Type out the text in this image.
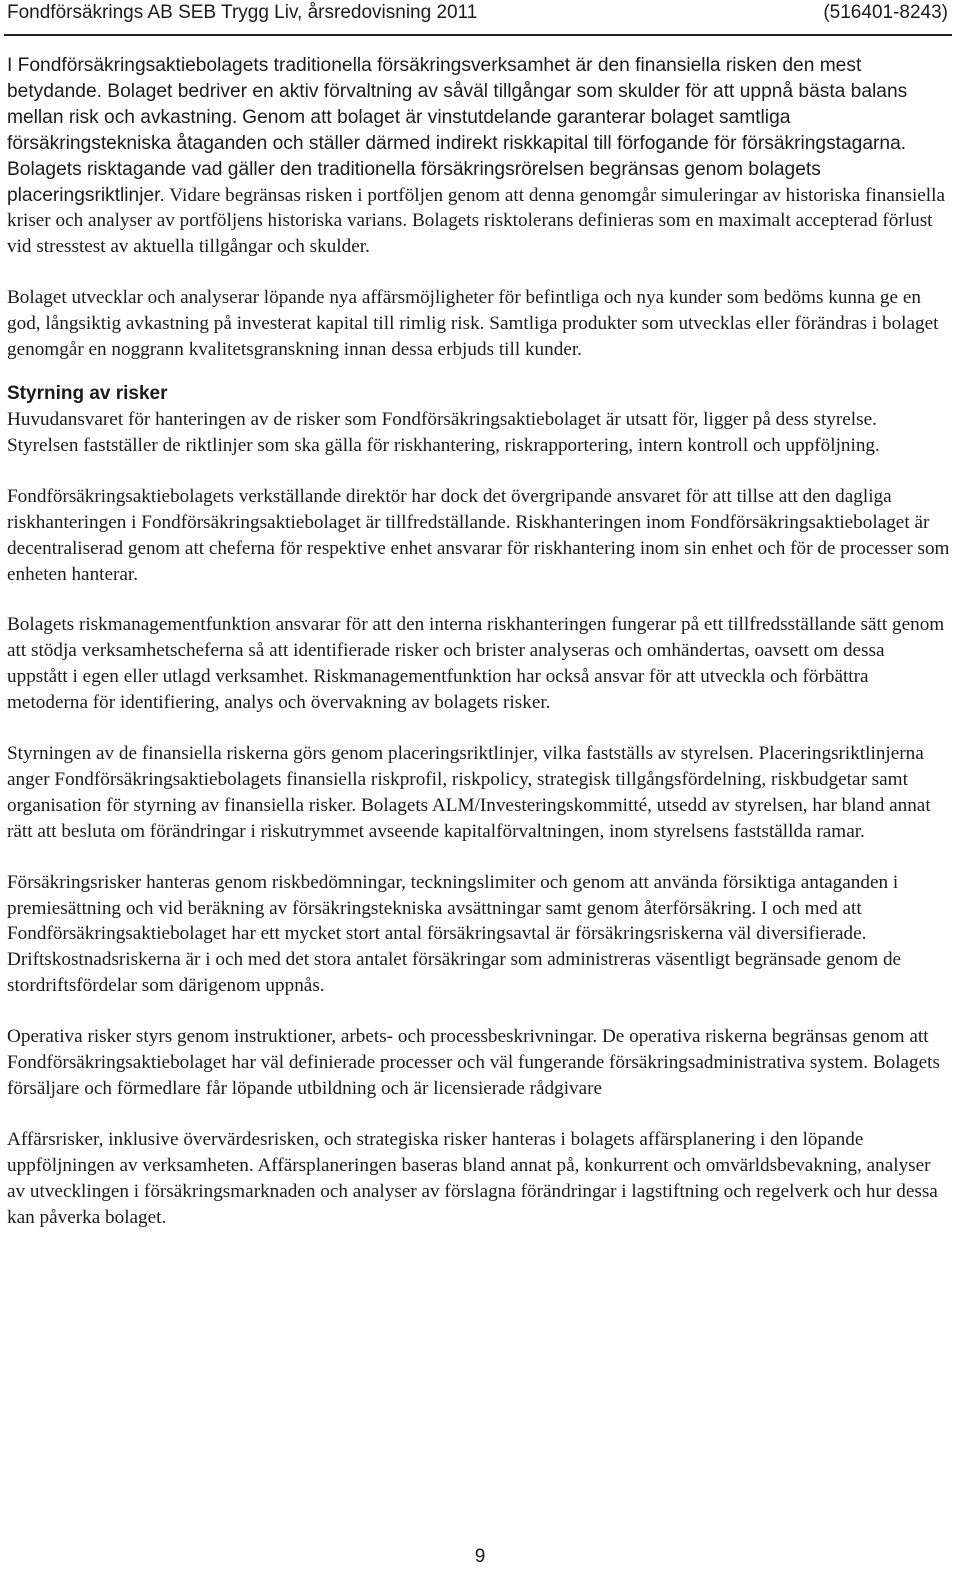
Fondförsäkrings AB SEB Trygg Liv, årsredovisning 2011	(516401-8243)

I Fondförsäkringsaktiebolagets traditionella försäkringsverksamhet är den finansiella risken den mest betydande. Bolaget bedriver en aktiv förvaltning av såväl tillgångar som skulder för att uppnå bästa balans mellan risk och avkastning. Genom att bolaget är vinstutdelande garanterar bolaget samtliga försäkringstekniska åtaganden och ställer därmed indirekt riskkapital till förfogande för försäkringstagarna. Bolagets risktagande vad gäller den traditionella försäkringsrörelsen begränsas genom bolagets placeringsriktlinjer. Vidare begränsas risken i portföljen genom att denna genomgår simuleringar av historiska finansiella kriser och analyser av portföljens historiska varians. Bolagets risktolerans definieras som en maximalt accepterad förlust vid stresstest av aktuella tillgångar och skulder.

Bolaget utvecklar och analyserar löpande nya affärsmöjligheter för befintliga och nya kunder som bedöms kunna ge en god, långsiktig avkastning på investerat kapital till rimlig risk. Samtliga produkter som utvecklas eller förändras i bolaget genomgår en noggrann kvalitetsgranskning innan dessa erbjuds till kunder.

Styrning av risker

Huvudansvaret för hanteringen av de risker som Fondförsäkringsaktiebolaget är utsatt för, ligger på dess styrelse. Styrelsen fastställer de riktlinjer som ska gälla för riskhantering, riskrapportering, intern kontroll och uppföljning.

Fondförsäkringsaktiebolagets verkställande direktör har dock det övergripande ansvaret för att tillse att den dagliga riskhanteringen i Fondförsäkringsaktiebolaget är tillfredställande. Riskhanteringen inom Fondförsäkringsaktiebolaget är decentraliserad genom att cheferna för respektive enhet ansvarar för riskhantering inom sin enhet och för de processer som enheten hanterar.

Bolagets riskmanagementfunktion ansvarar för att den interna riskhanteringen fungerar på ett tillfredsställande sätt genom att stödja verksamhetscheferna så att identifierade risker och brister analyseras och omhändertas, oavsett om dessa uppstått i egen eller utlagd verksamhet. Riskmanagementfunktion har också ansvar för att utveckla och förbättra metoderna för identifiering, analys och övervakning av bolagets risker.

Styrningen av de finansiella riskerna görs genom placeringsriktlinjer, vilka fastställs av styrelsen. Placeringsriktlinjerna anger Fondförsäkringsaktiebolagets finansiella riskprofil, riskpolicy, strategisk tillgångsfördelning, riskbudgetar samt organisation för styrning av finansiella risker. Bolagets ALM/Investeringskommitté, utsedd av styrelsen, har bland annat rätt att besluta om förändringar i riskutrymmet avseende kapitalförvaltningen, inom styrelsens fastställda ramar.

Försäkringsrisker hanteras genom riskbedömningar, teckningslimiter och genom att använda försiktiga antaganden i premiesättning och vid beräkning av försäkringstekniska avsättningar samt genom återförsäkring. I och med att Fondförsäkringsaktiebolaget har ett mycket stort antal försäkringsavtal är försäkringsriskerna väl diversifierade. Driftskostnadsriskerna är i och med det stora antalet försäkringar som administreras väsentligt begränsade genom de stordriftsfördelar som därigenom uppnås.

Operativa risker styrs genom instruktioner, arbets- och processbeskrivningar. De operativa riskerna begränsas genom att Fondförsäkringsaktiebolaget har väl definierade processer och väl fungerande försäkringsadministrativa system. Bolagets försäljare och förmedlare får löpande utbildning och är licensierade rådgivare

Affärsrisker, inklusive övervärdesrisken, och strategiska risker hanteras i bolagets affärsplanering i den löpande uppföljningen av verksamheten. Affärsplaneringen baseras bland annat på, konkurrent och omvärldsbevakning, analyser av utvecklingen i försäkringsmarknaden och analyser av förslagna förändringar i lagstiftning och regelverk och hur dessa kan påverka bolaget.

9
